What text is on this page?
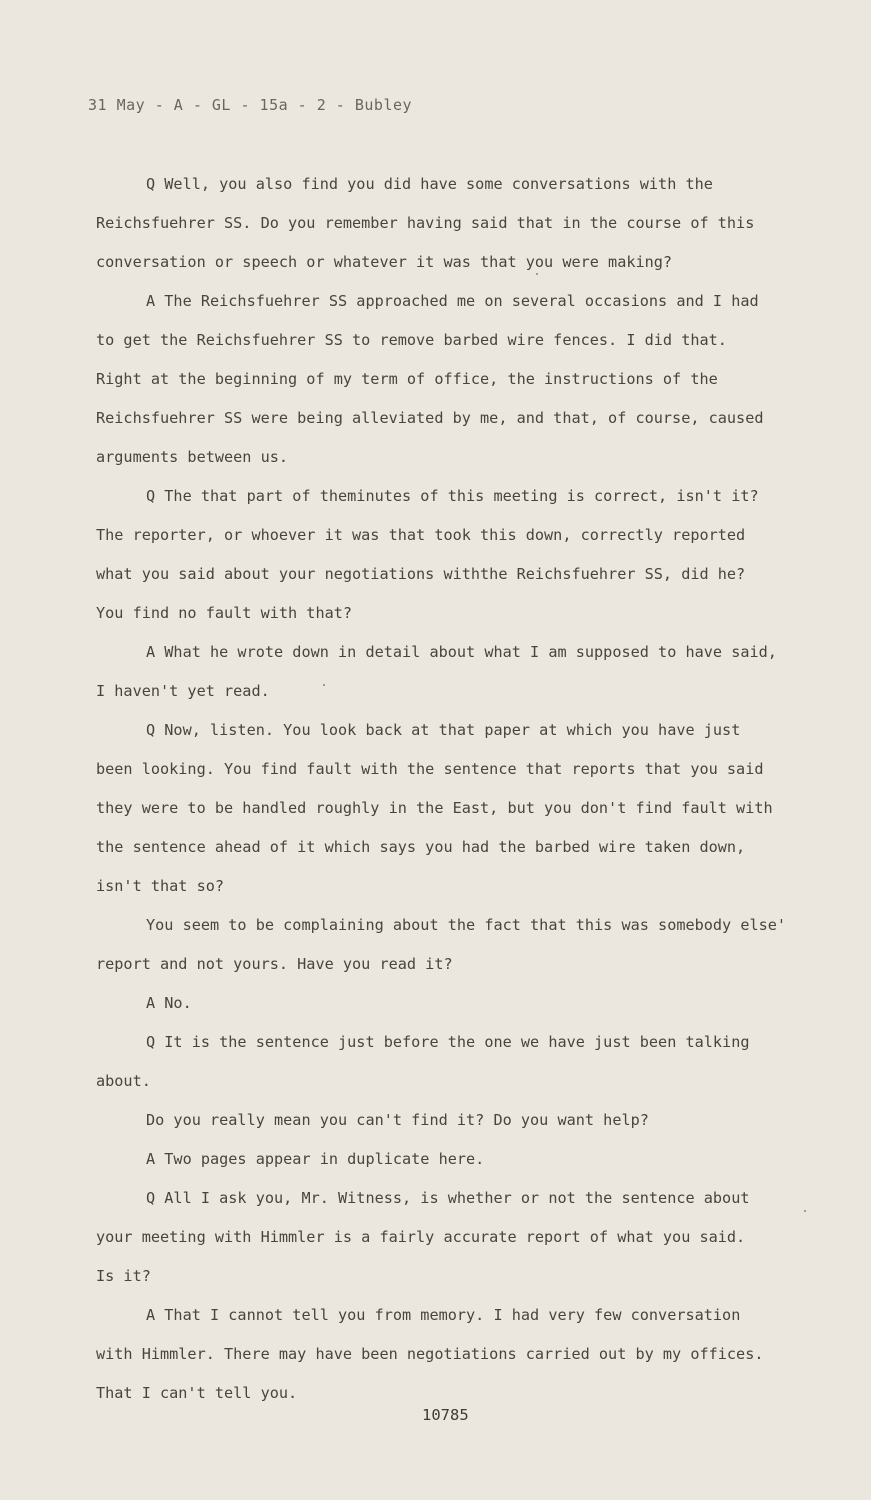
31 May - A - GL - 15a - 2 - Bubley
Q Well, you also find you did have some conversations with the
Reichsfuehrer SS. Do you remember having said that in the course of this
conversation or speech or whatever it was that you were making?
A The Reichsfuehrer SS approached me on several occasions and I had
to get the Reichsfuehrer SS to remove barbed wire fences. I did that.
Right at the beginning of my term of office, the instructions of the
Reichsfuehrer SS were being alleviated by me, and that, of course, caused
arguments between us.
Q The that part of theminutes of this meeting is correct, isn't it?
The reporter, or whoever it was that took this down, correctly reported
what you said about your negotiations withthe Reichsfuehrer SS, did he?
You find no fault with that?
A What he wrote down in detail about what I am supposed to have said,
I haven't yet read.
Q Now, listen. You look back at that paper at which you have just
been looking. You find fault with the sentence that reports that you said
they were to be handled roughly in the East, but you don't find fault with
the sentence ahead of it which says you had the barbed wire taken down,
isn't that so?
You seem to be complaining about the fact that this was somebody else'
report and not yours. Have you read it?
A No.
Q It is the sentence just before the one we have just been talking
about.
Do you really mean you can't find it? Do you want help?
A Two pages appear in duplicate here.
Q All I ask you, Mr. Witness, is whether or not the sentence about
your meeting with Himmler is a fairly accurate report of what you said.
Is it?
A That I cannot tell you from memory. I had very few conversation
with Himmler. There may have been negotiations carried out by my offices.
That I can't tell you.
10785
